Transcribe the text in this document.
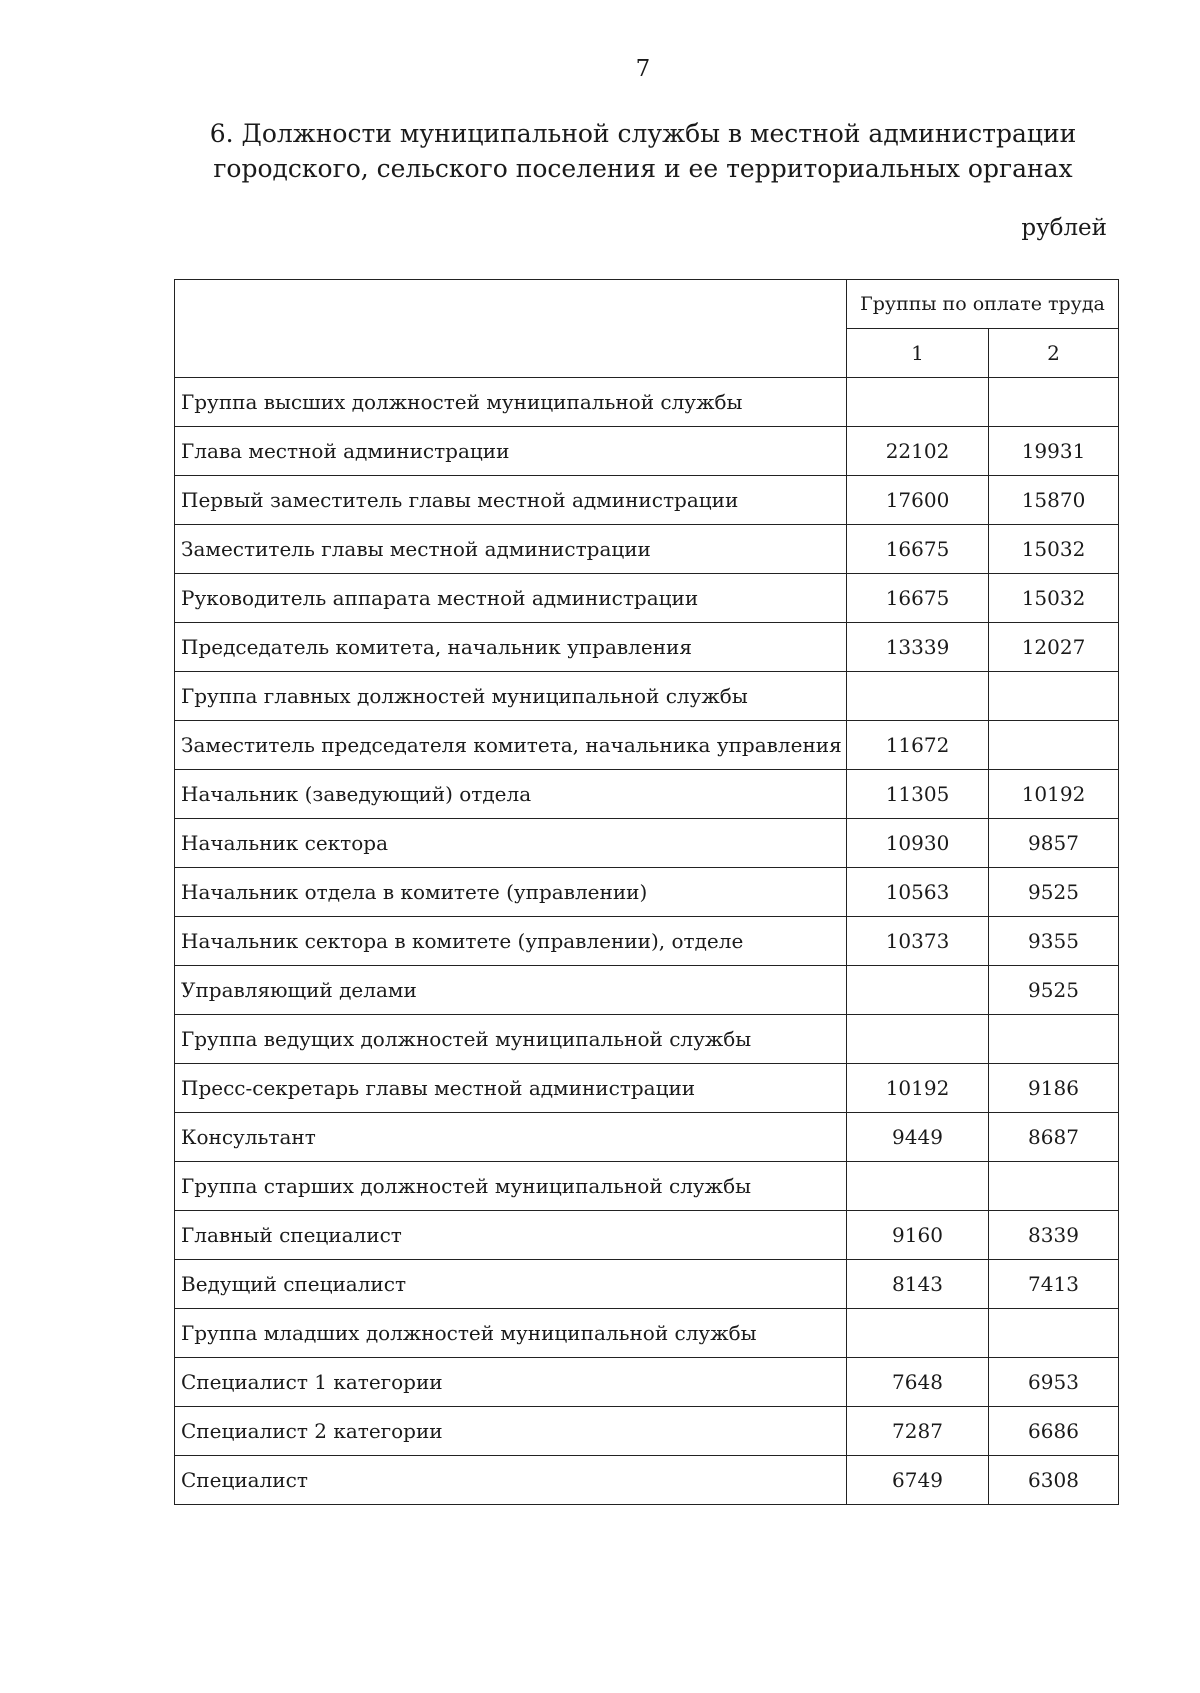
7
6. Должности муниципальной службы в местной администрации
городского, сельского поселения и ее территориальных органах
рублей
	Группы по оплате труда	
	1	2
Группа высших должностей муниципальной службы		
Глава местной администрации	22102	19931
Первый заместитель главы местной администрации	17600	15870
Заместитель главы местной администрации	16675	15032
Руководитель аппарата местной администрации	16675	15032
Председатель комитета, начальник управления	13339	12027
Группа главных должностей муниципальной службы		
Заместитель председателя комитета, начальника управления	11672	
Начальник (заведующий) отдела	11305	10192
Начальник сектора	10930	9857
Начальник отдела в комитете (управлении)	10563	9525
Начальник сектора в комитете (управлении), отделе	10373	9355
Управляющий делами		9525
Группа ведущих должностей муниципальной службы		
Пресс-секретарь главы местной администрации	10192	9186
Консультант	9449	8687
Группа старших должностей муниципальной службы		
Главный специалист	9160	8339
Ведущий специалист	8143	7413
Группа младших должностей муниципальной службы		
Специалист 1 категории	7648	6953
Специалист 2 категории	7287	6686
Специалист	6749	6308
